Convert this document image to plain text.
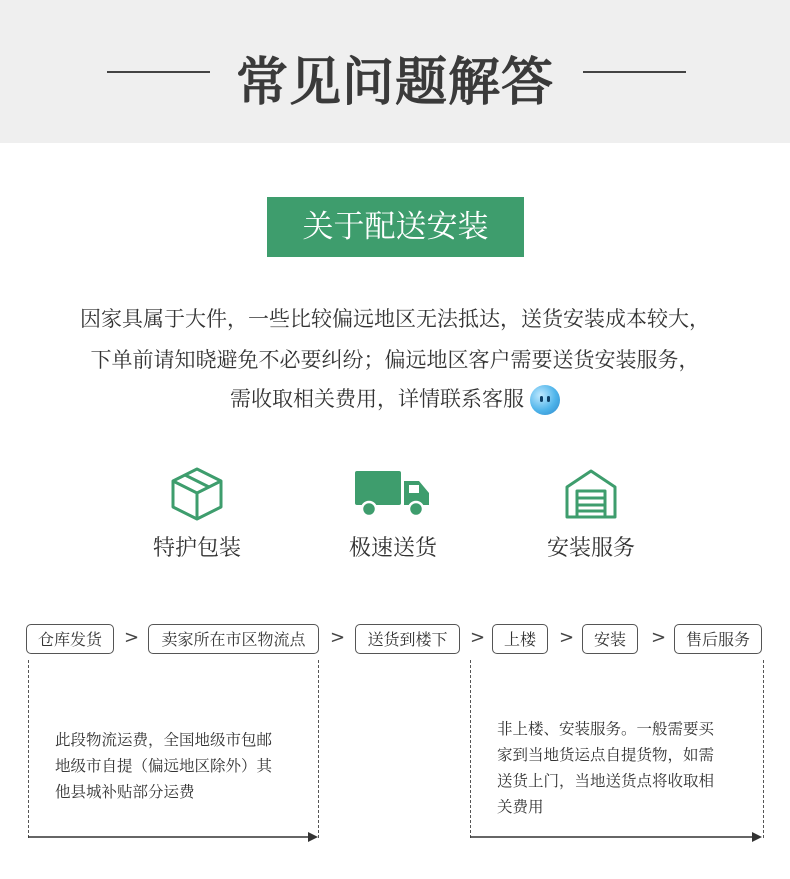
常见问题解答
关于配送安装
因家具属于大件，一些比较偏远地区无法抵达，送货安装成本较大，
下单前请知晓避免不必要纠纷；偏远地区客户需要送货安装服务，
需收取相关费用，详情联系客服
特护包装	极速送货	安装服务
仓库发货	>	卖家所在市区物流点	>	送货到楼下	>	上楼	>	安装	>	售后服务
此段物流运费，全国地级市包邮
地级市自提（偏远地区除外）其
他县城补贴部分运费
非上楼、安装服务。一般需要买
家到当地货运点自提货物，如需
送货上门，当地送货点将收取相
关费用
